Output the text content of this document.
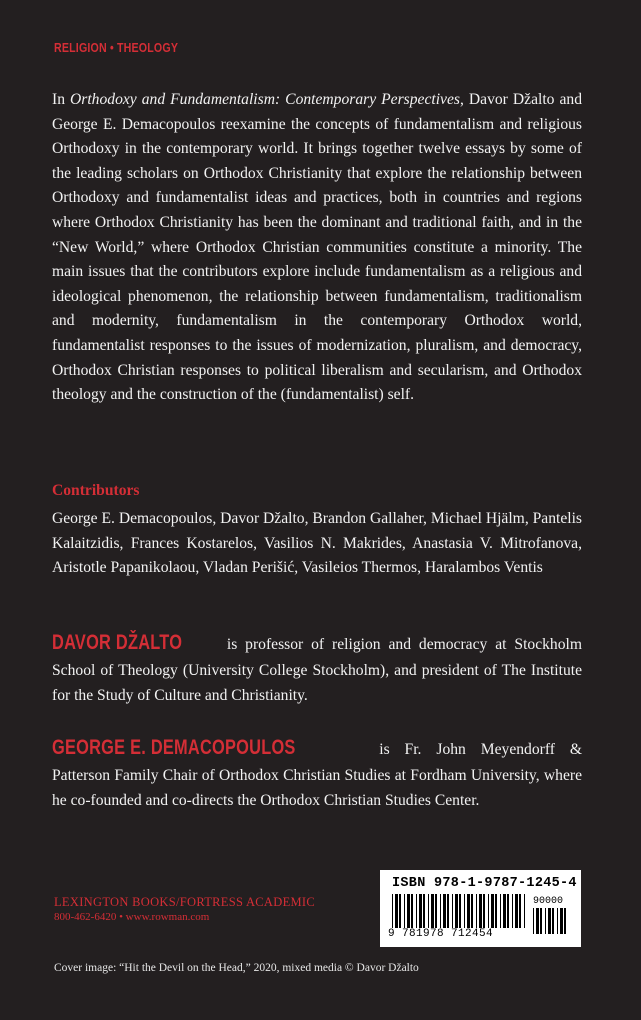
RELIGION • THEOLOGY
In Orthodoxy and Fundamentalism: Contemporary Perspectives, Davor Džalto and George E. Demacopoulos reexamine the concepts of fundamentalism and religious Orthodoxy in the contemporary world. It brings together twelve essays by some of the leading scholars on Orthodox Christianity that explore the relationship between Orthodoxy and fundamentalist ideas and practices, both in countries and regions where Orthodox Christianity has been the dominant and traditional faith, and in the “New World,” where Orthodox Christian communities constitute a minority. The main issues that the contributors explore include fundamentalism as a religious and ideological phenomenon, the relationship between fundamentalism, traditionalism and modernity, fundamentalism in the contemporary Orthodox world, fundamentalist responses to the issues of modernization, pluralism, and democracy, Orthodox Christian responses to political liberalism and secularism, and Orthodox theology and the construction of the (fundamentalist) self.
Contributors
George E. Demacopoulos, Davor Džalto, Brandon Gallaher, Michael Hjälm, Pantelis Kalaitzidis, Frances Kostarelos, Vasilios N. Makrides, Anastasia V. Mitrofanova, Aristotle Papanikolaou, Vladan Perišić, Vasileios Thermos, Haralambos Ventis
DAVOR DŽALTO is professor of religion and democracy at Stockholm School of Theology (University College Stockholm), and president of The Institute for the Study of Culture and Christianity.
GEORGE E. DEMACOPOULOS	is Fr. John Meyendorff & Patterson Family Chair of Orthodox Christian Studies at Fordham University, where he co-founded and co-directs the Orthodox Christian Studies Center.
LEXINGTON BOOKS/FORTRESS ACADEMIC
800-462-6420 • www.rowman.com
ISBN 978-1-9787-1245-4
90000
9 781978 712454
Cover image: “Hit the Devil on the Head,” 2020, mixed media © Davor Džalto
